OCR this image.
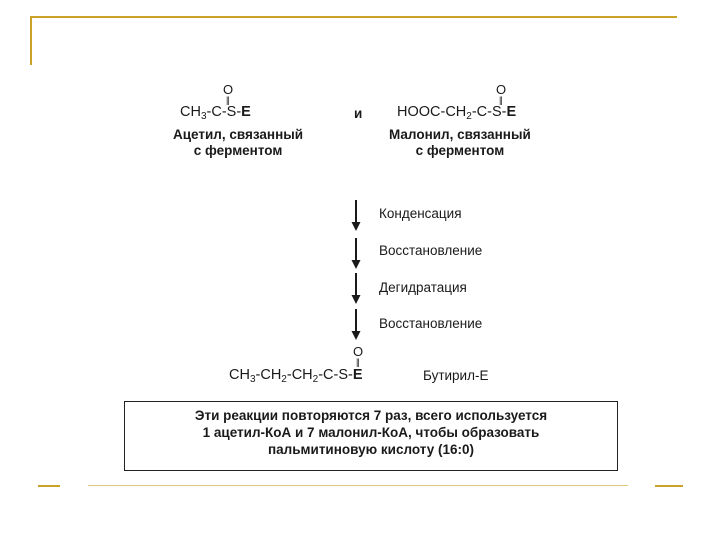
O
||
$CH_3-C-S-E$
Ацетил, связанный
с ферментом
и
O
||
HOOC-$CH_2-C-S-E$
Малонил, связанный
с ферментом
Конденсация
Восстановление
Дегидратация
Восстановление
O
||
$CH_3-CH_2-CH_2-C-S-E$	Бутирил-Е
Эти реакции повторяются 7 раз, всего используется
1 ацетил-КоА и 7 малонил-КоА, чтобы образовать
пальмитиновую кислоту (16:0)
